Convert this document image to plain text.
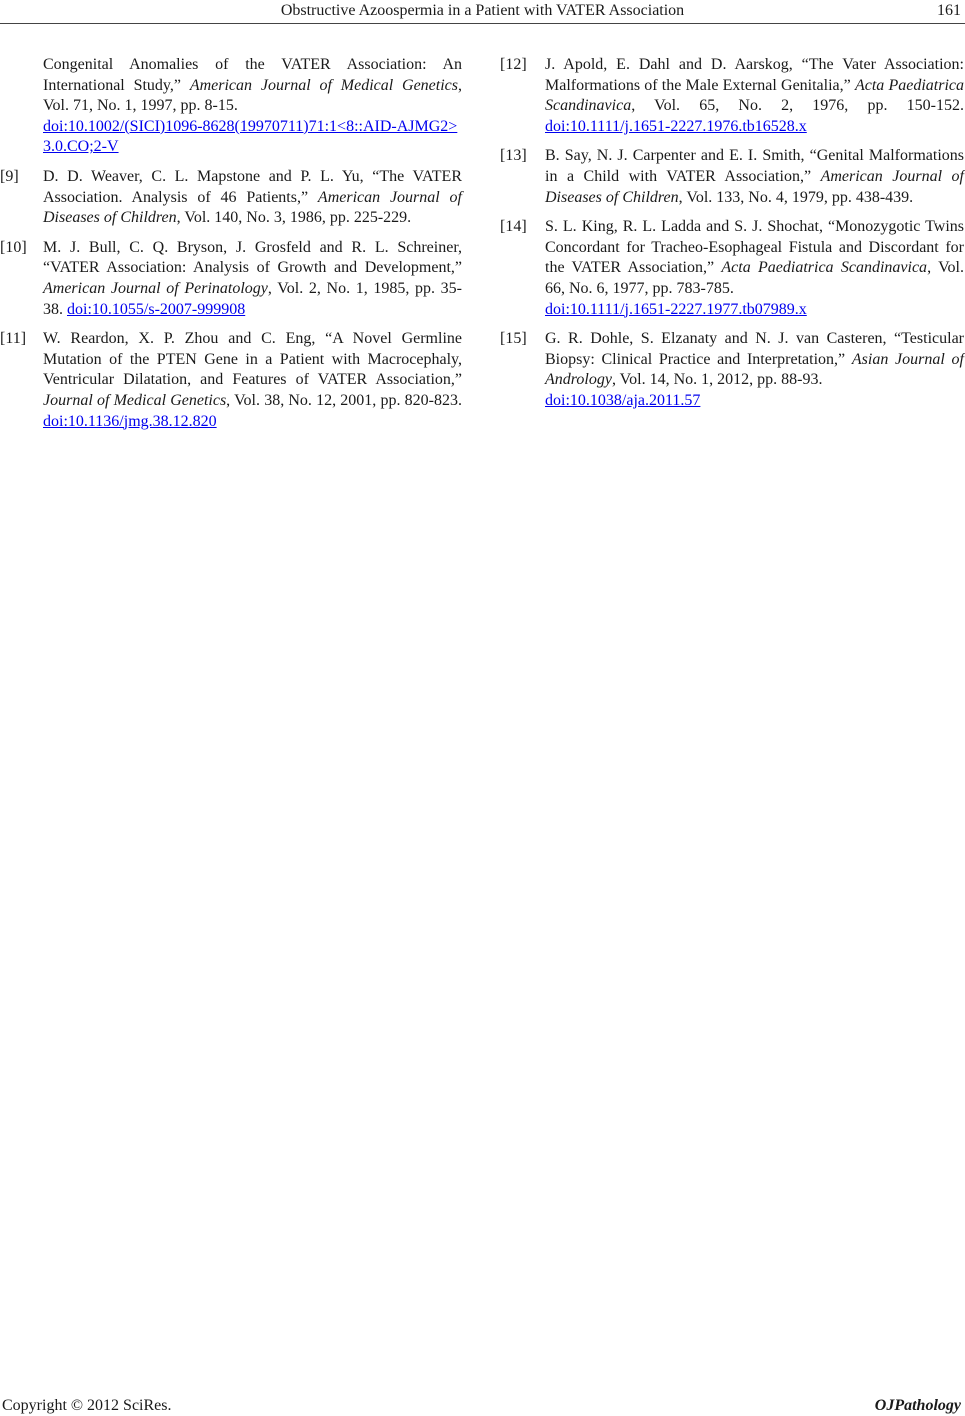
Obstructive Azoospermia in a Patient with VATER Association	161
Congenital Anomalies of the VATER Association: An International Study,” American Journal of Medical Genetics, Vol. 71, No. 1, 1997, pp. 8-15.
doi:10.1002/(SICI)1096-8628(19970711)71:1<8::AID-AJMG2>3.0.CO;2-V
[9] D. D. Weaver, C. L. Mapstone and P. L. Yu, “The VATER Association. Analysis of 46 Patients,” American Journal of Diseases of Children, Vol. 140, No. 3, 1986, pp. 225-229.
[10] M. J. Bull, C. Q. Bryson, J. Grosfeld and R. L. Schreiner, “VATER Association: Analysis of Growth and Development,” American Journal of Perinatology, Vol. 2, No. 1, 1985, pp. 35-38. doi:10.1055/s-2007-999908
[11] W. Reardon, X. P. Zhou and C. Eng, “A Novel Germline Mutation of the PTEN Gene in a Patient with Macrocephaly, Ventricular Dilatation, and Features of VATER Association,” Journal of Medical Genetics, Vol. 38, No. 12, 2001, pp. 820-823. doi:10.1136/jmg.38.12.820
[12] J. Apold, E. Dahl and D. Aarskog, “The Vater Association: Malformations of the Male External Genitalia,” Acta Paediatrica Scandinavica, Vol. 65, No. 2, 1976, pp. 150-152. doi:10.1111/j.1651-2227.1976.tb16528.x
[13] B. Say, N. J. Carpenter and E. I. Smith, “Genital Malformations in a Child with VATER Association,” American Journal of Diseases of Children, Vol. 133, No. 4, 1979, pp. 438-439.
[14] S. L. King, R. L. Ladda and S. J. Shochat, “Monozygotic Twins Concordant for Tracheo-Esophageal Fistula and Discordant for the VATER Association,” Acta Paediatrica Scandinavica, Vol. 66, No. 6, 1977, pp. 783-785.
doi:10.1111/j.1651-2227.1977.tb07989.x
[15] G. R. Dohle, S. Elzanaty and N. J. van Casteren, “Testicular Biopsy: Clinical Practice and Interpretation,” Asian Journal of Andrology, Vol. 14, No. 1, 2012, pp. 88-93.
doi:10.1038/aja.2011.57
Copyright © 2012 SciRes.	OJPathology
